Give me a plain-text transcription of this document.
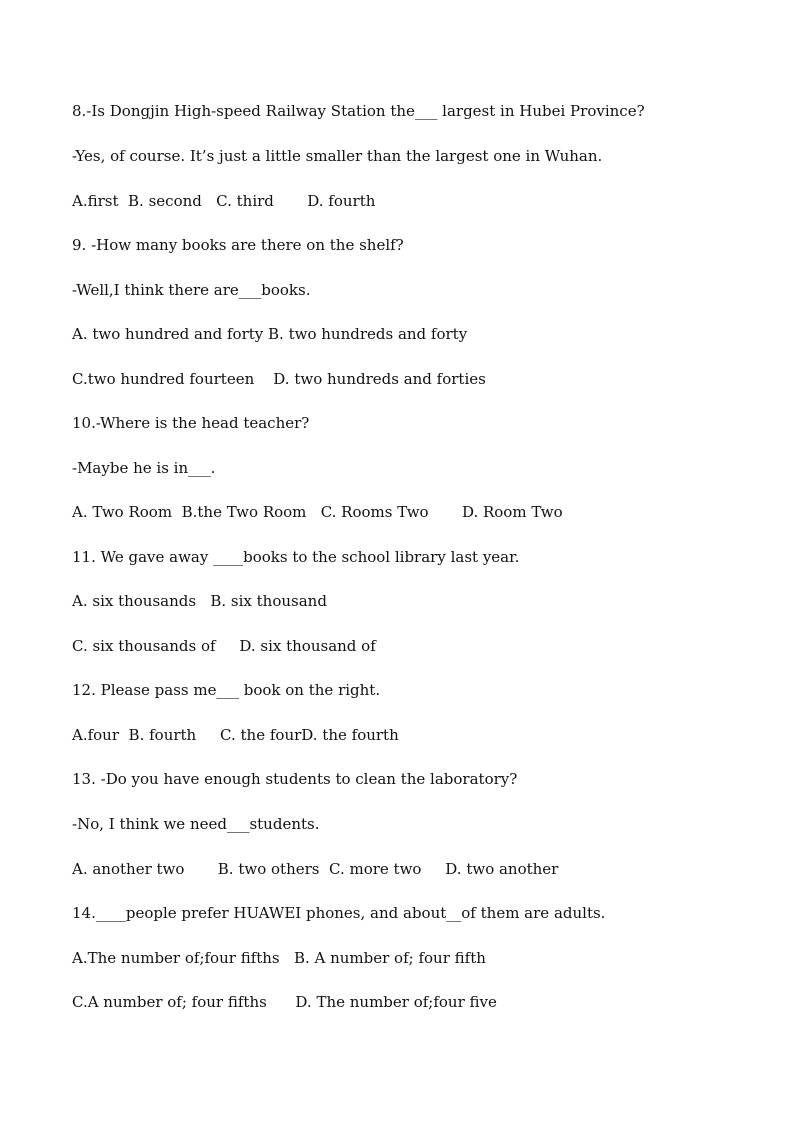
8.-Is Dongjin High-speed Railway Station the___ largest in Hubei Province?
-Yes, of course. It’s just a little smaller than the largest one in Wuhan.
A.first  B. second   C. third       D. fourth
9. -How many books are there on the shelf?
-Well,I think there are___books.
A. two hundred and forty B. two hundreds and forty
C.two hundred fourteen    D. two hundreds and forties
10.-Where is the head teacher?
-Maybe he is in___.
A. Two Room  B.the Two Room   C. Rooms Two       D. Room Two
11. We gave away ____books to the school library last year.
A. six thousands   B. six thousand
C. six thousands of     D. six thousand of
12. Please pass me___ book on the right.
A.four  B. fourth     C. the fourD. the fourth
13. -Do you have enough students to clean the laboratory?
-No, I think we need___students.
A. another two       B. two others  C. more two     D. two another
14.____people prefer HUAWEI phones, and about__of them are adults.
A.The number of;four fifths   B. A number of; four fifth
C.A number of; four fifths      D. The number of;four five
